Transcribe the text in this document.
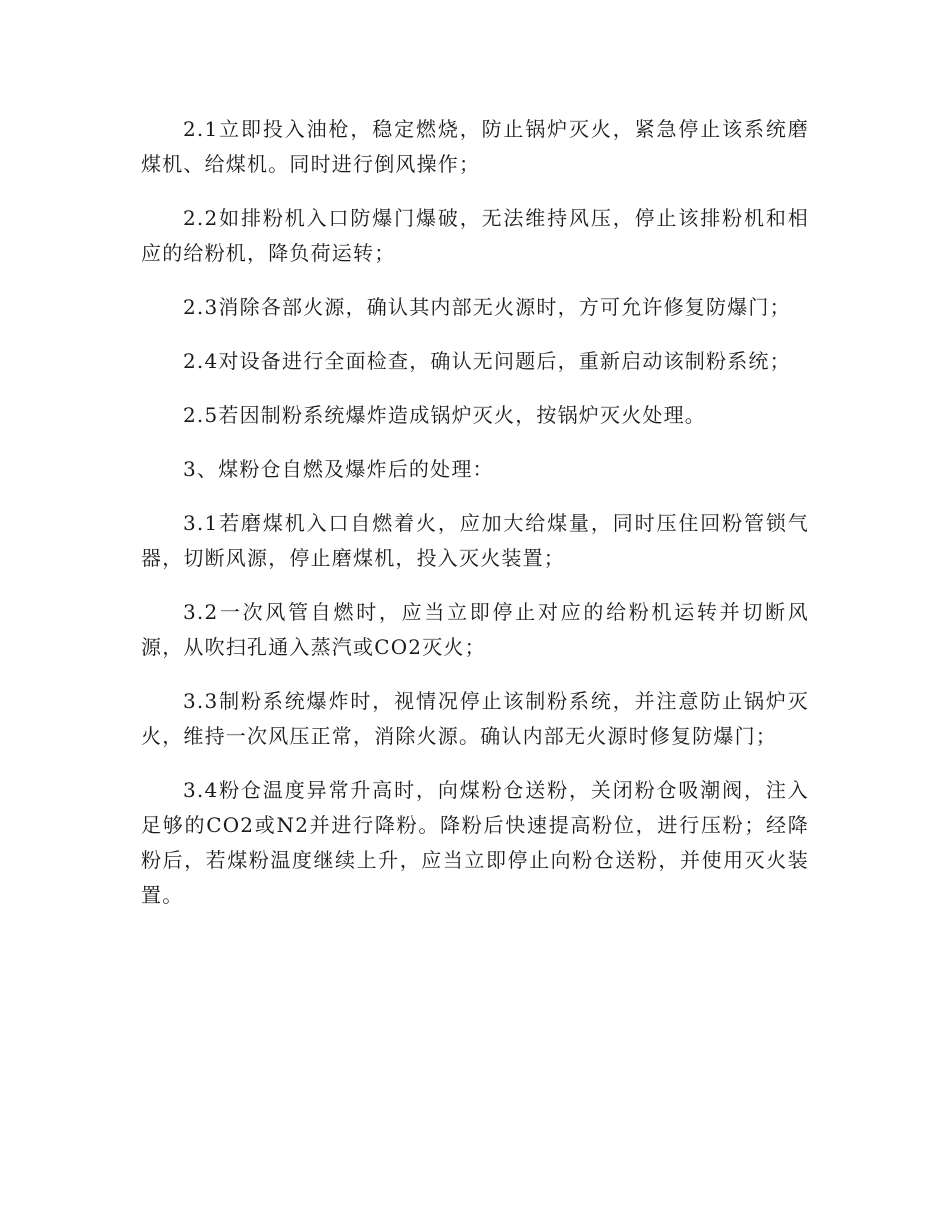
2.1立即投入油枪，稳定燃烧，防止锅炉灭火，紧急停止该系统磨煤机、给煤机。同时进行倒风操作；

2.2如排粉机入口防爆门爆破，无法维持风压，停止该排粉机和相应的给粉机，降负荷运转；

2.3消除各部火源，确认其内部无火源时，方可允许修复防爆门；

2.4对设备进行全面检查，确认无问题后，重新启动该制粉系统；

2.5若因制粉系统爆炸造成锅炉灭火，按锅炉灭火处理。

3、煤粉仓自燃及爆炸后的处理：

3.1若磨煤机入口自燃着火，应加大给煤量，同时压住回粉管锁气器，切断风源，停止磨煤机，投入灭火装置；

3.2一次风管自燃时，应当立即停止对应的给粉机运转并切断风源，从吹扫孔通入蒸汽或CO2灭火；

3.3制粉系统爆炸时，视情况停止该制粉系统，并注意防止锅炉灭火，维持一次风压正常，消除火源。确认内部无火源时修复防爆门；

3.4粉仓温度异常升高时，向煤粉仓送粉，关闭粉仓吸潮阀，注入足够的CO2或N2并进行降粉。降粉后快速提高粉位，进行压粉；经降粉后，若煤粉温度继续上升，应当立即停止向粉仓送粉，并使用灭火装置。
